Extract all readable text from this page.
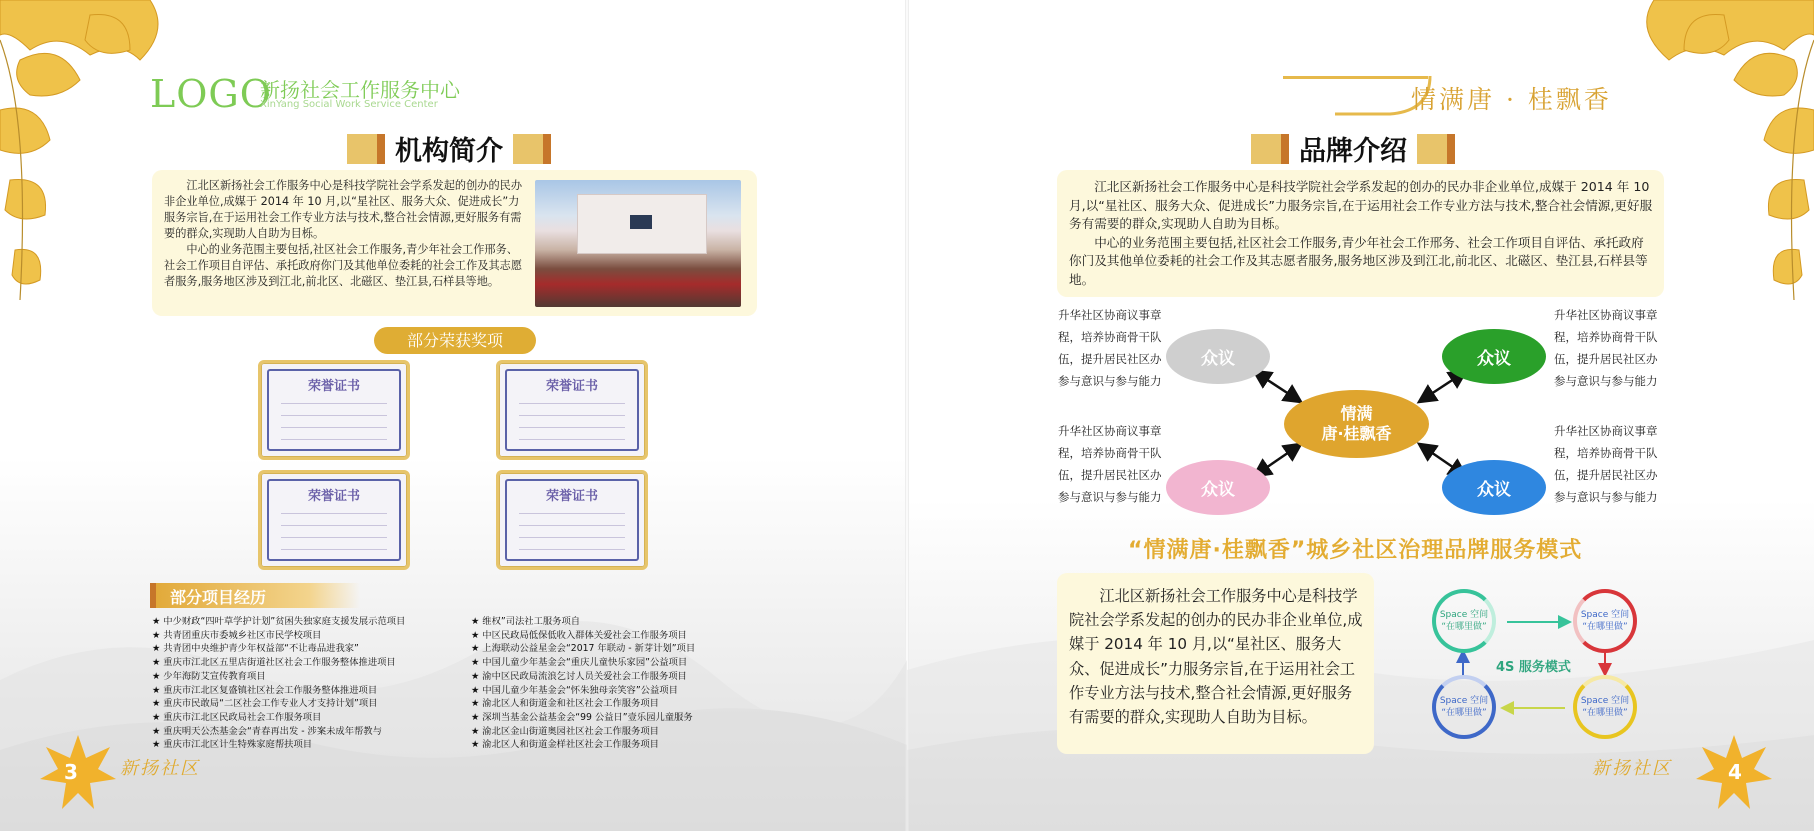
LOGO
新扬社会工作服务中心
XinYang Social Work Service Center
机构简介

江北区新扬社会工作服务中心是科技学院社会学系发起的创办的民办非企业单位,成媒于 2014 年 10 月,以“星社区、服务大众、促进成长”力服务宗旨,在于运用社会工作专业方法与技术,整合社会情源,更好服务有需要的群众,实现助人自助为目栎。

中心的业务范围主要包括,社区社会工作服务,青少年社会工作邢务、社会工作项目自评估、承托政府你门及其他单位委耗的社会工作及其志愿者服务,服务地区涉及到江北,前北区、北磁区、垫江县,石样县等地。

部分荣获奖项
荣誉证书	荣誉证书
荣誉证书	荣誉证书
部分项目经历
★ 中少财政“四叶草学护计划”贫困失独家庭支援发展示范项目
★ 共青团重庆市委城乡社区市民学校项目
★ 共青团中央维护青少年权益部“不让毒品进我家”
★ 重庆市江北区五里店街道社区社会工作服务整体推进项目
★ 少年海防艾宣传教育项目
★ 重庆市江北区复盛镇社区社会工作服务整体推进项目
★ 重庆市民敢局“二区社会工作专业人才支持计划”项目
★ 重庆市江北区民政局社会工作服务项目
★ 重庆明天公杰基金会“青春再出发 - 涉案未成年帮教与
★ 重庆市江北区计生特殊家庭帮扶项目
★ 维权”司法社工服务项自
★ 中区民政局低保低收入群体关爱社会工作服务项目
★ 上海联动公益星金会“2017 年联动 - 新芽计划”项目
★ 中国儿童少年基金会“重庆儿童快乐家园”公益项目
★ 渝中区民政局流浪乞讨人员关爱社会工作服务项目
★ 中国儿童少年基金会“怀朱独母亲笑容”公益项目
★ 渝北区人和街道金和社区社会工作服务项目
★ 深圳当基金公益基金会“99 公益日”壹乐园儿童服务
★ 渝北区金山街道奥园社区社会工作服务项目
★ 渝北区人和街道金样社区社会工作服务项目
3 新扬社区
情满唐 · 桂飘香
品牌介绍

江北区新扬社会工作服务中心是科技学院社会学系发起的创办的民办非企业单位,成媒于 2014 年 10 月,以“星社区、服务大众、促进成长”力服务宗旨,在于运用社会工作专业方法与技术,整合社会情源,更好服务有需要的群众,实现助人自助为目栎。

中心的业务范围主要包括,社区社会工作服务,青少年社会工作邢务、社会工作项目自评估、承托政府你门及其他单位委耗的社会工作及其志愿者服务,服务地区涉及到江北,前北区、北磁区、垫江县,石样县等地。

升华社区协商议事章程，培养协商骨干队伍，提升居民社区办参与意识与参与能力
升华社区协商议事章程，培养协商骨干队伍，提升居民社区办参与意识与参与能力
升华社区协商议事章程，培养协商骨干队伍，提升居民社区办参与意识与参与能力
升华社区协商议事章程，培养协商骨干队伍，提升居民社区办参与意识与参与能力
众议	众议
众议	众议
情满
唐·桂飘香
“情满唐·桂飘香”城乡社区治理品牌服务模式

江北区新扬社会工作服务中心是科技学院社会学系发起的创办的民办非企业单位,成媒于 2014 年 10 月,以“星社区、服务大众、促进成长”力服务宗旨,在于运用社会工作专业方法与技术,整合社会情源,更好服务有需要的群众,实现助人自助为目标。

Space 空间
“在哪里做”
Space 空间
“在哪里做”
Space 空间
“在哪里做”
Space 空间
“在哪里做”
4S 服务模式
新扬社区	4
